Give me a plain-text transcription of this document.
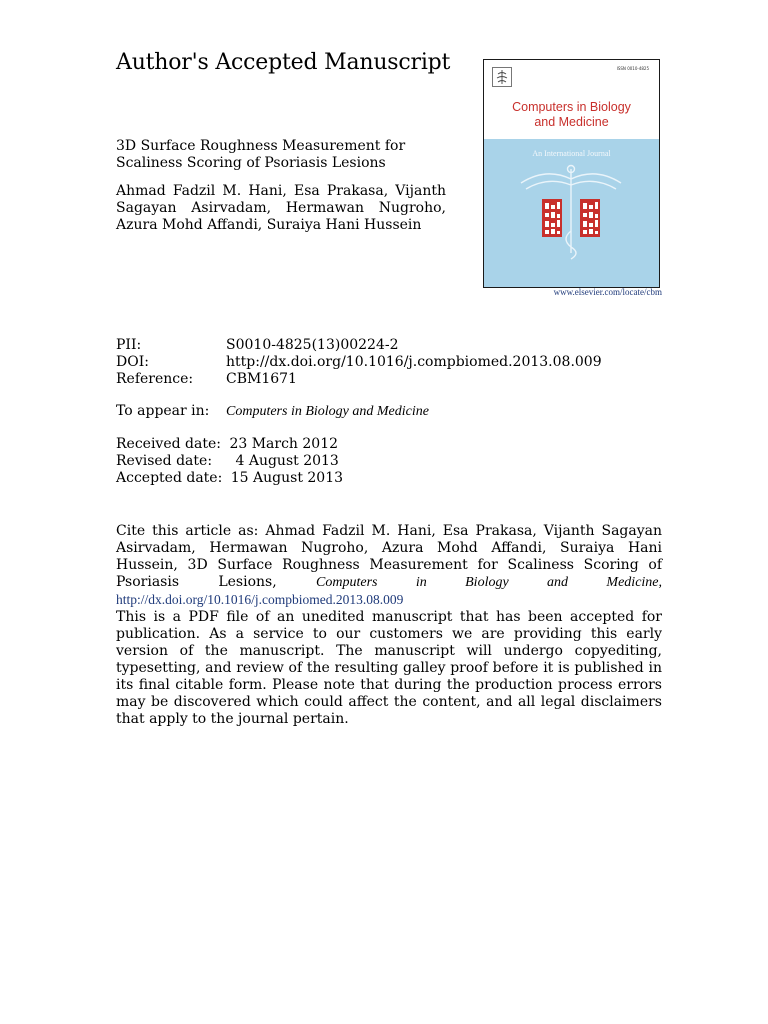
Author's Accepted Manuscript
3D Surface Roughness Measurement for Scaliness Scoring of Psoriasis Lesions
Ahmad Fadzil M. Hani, Esa Prakasa, Vijanth Sagayan Asirvadam, Hermawan Nugroho, Azura Mohd Affandi, Suraiya Hani Hussein
ISSN 0010-4825
Computers in Biology
and Medicine
An International Journal
www.elsevier.com/locate/cbm
PII:	S0010-4825(13)00224-2
DOI:	http://dx.doi.org/10.1016/j.compbiomed.2013.08.009
Reference: CBM1671
To appear in: Computers in Biology and Medicine
Received date: 23 March 2012
Revised date: 4 August 2013
Accepted date: 15 August 2013
Cite this article as: Ahmad Fadzil M. Hani, Esa Prakasa, Vijanth Sagayan Asirvadam, Hermawan Nugroho, Azura Mohd Affandi, Suraiya Hani Hussein, 3D Surface Roughness Measurement for Scaliness Scoring of Psoriasis Lesions,	Computers in Biology and Medicine, http://dx.doi.org/10.1016/j.compbiomed.2013.08.009
This is a PDF file of an unedited manuscript that has been accepted for publication. As a service to our customers we are providing this early version of the manuscript. The manuscript will undergo copyediting, typesetting, and review of the resulting galley proof before it is published in its final citable form. Please note that during the production process errors may be discovered which could affect the content, and all legal disclaimers that apply to the journal pertain.
